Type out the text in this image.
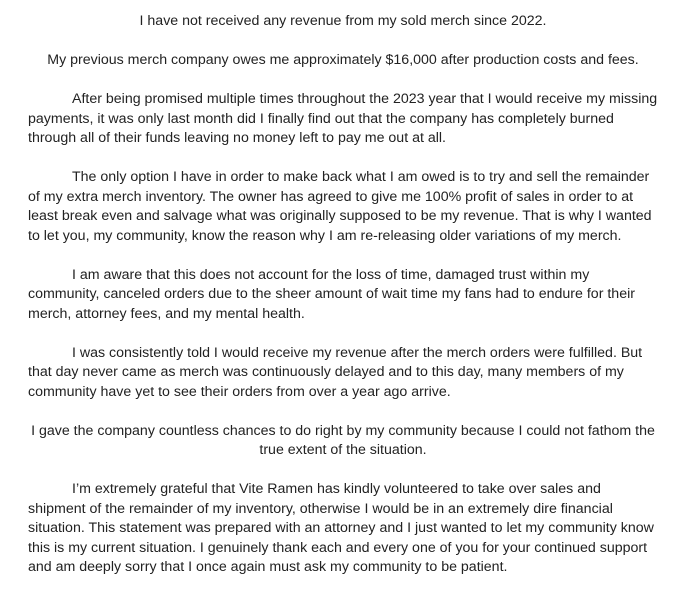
I have not received any revenue from my sold merch since 2022.

My previous merch company owes me approximately $16,000 after production costs and fees.

After being promised multiple times throughout the 2023 year that I would receive my missing payments, it was only last month did I finally find out that the company has completely burned through all of their funds leaving no money left to pay me out at all.

The only option I have in order to make back what I am owed is to try and sell the remainder of my extra merch inventory. The owner has agreed to give me 100% profit of sales in order to at least break even and salvage what was originally supposed to be my revenue. That is why I wanted to let you, my community, know the reason why I am re-releasing older variations of my merch.

I am aware that this does not account for the loss of time, damaged trust within my community, canceled orders due to the sheer amount of wait time my fans had to endure for their merch, attorney fees, and my mental health.

I was consistently told I would receive my revenue after the merch orders were fulfilled. But that day never came as merch was continuously delayed and to this day, many members of my community have yet to see their orders from over a year ago arrive.

I gave the company countless chances to do right by my community because I could not fathom the true extent of the situation.

I’m extremely grateful that Vite Ramen has kindly volunteered to take over sales and shipment of the remainder of my inventory, otherwise I would be in an extremely dire financial situation. This statement was prepared with an attorney and I just wanted to let my community know this is my current situation. I genuinely thank each and every one of you for your continued support and am deeply sorry that I once again must ask my community to be patient.
